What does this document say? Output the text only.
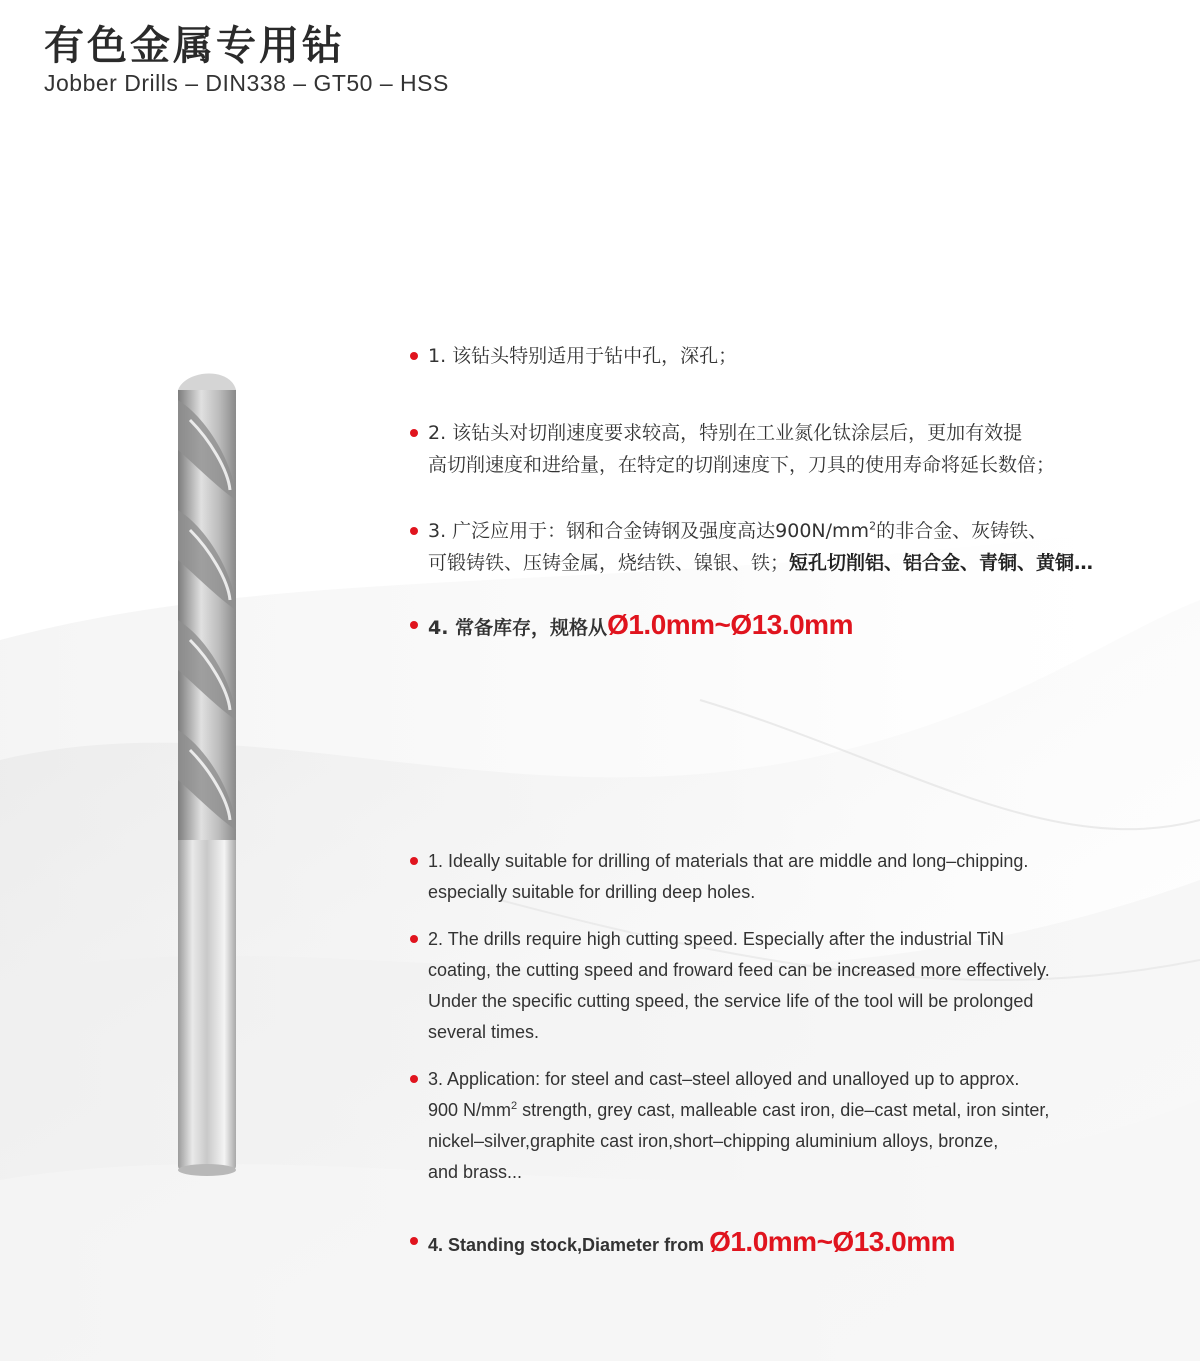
有色金属专用钻
Jobber Drills – DIN338 – GT50 – HSS
1. 该钻头特别适用于钻中孔，深孔；
2. 该钻头对切削速度要求较高，特别在工业氮化钛涂层后，更加有效提
高切削速度和进给量，在特定的切削速度下，刀具的使用寿命将延长数倍；
3. 广泛应用于：钢和合金铸钢及强度高达$900N/mm^2$的非合金、灰铸铁、
可锻铸铁、压铸金属，烧结铁、镍银、铁；短孔切削铝、铝合金、青铜、黄铜…
4. 常备库存，规格从Ø1.0mm~Ø13.0mm
1. Ideally suitable for drilling of materials that are middle and long–chipping.
especially suitable for drilling deep holes.
2. The drills require high cutting speed. Especially after the industrial TiN
coating, the cutting speed and froward feed can be increased more effectively.
Under the specific cutting speed, the service life of the tool will be prolonged
several times.
3. Application: for steel and cast–steel alloyed and unalloyed up to approx.
900 $N/mm^2$ strength, grey cast, malleable cast iron, die–cast metal, iron sinter,
nickel–silver,graphite cast iron,short–chipping aluminium alloys, bronze,
and brass...
4. Standing stock,Diameter from Ø1.0mm~Ø13.0mm
